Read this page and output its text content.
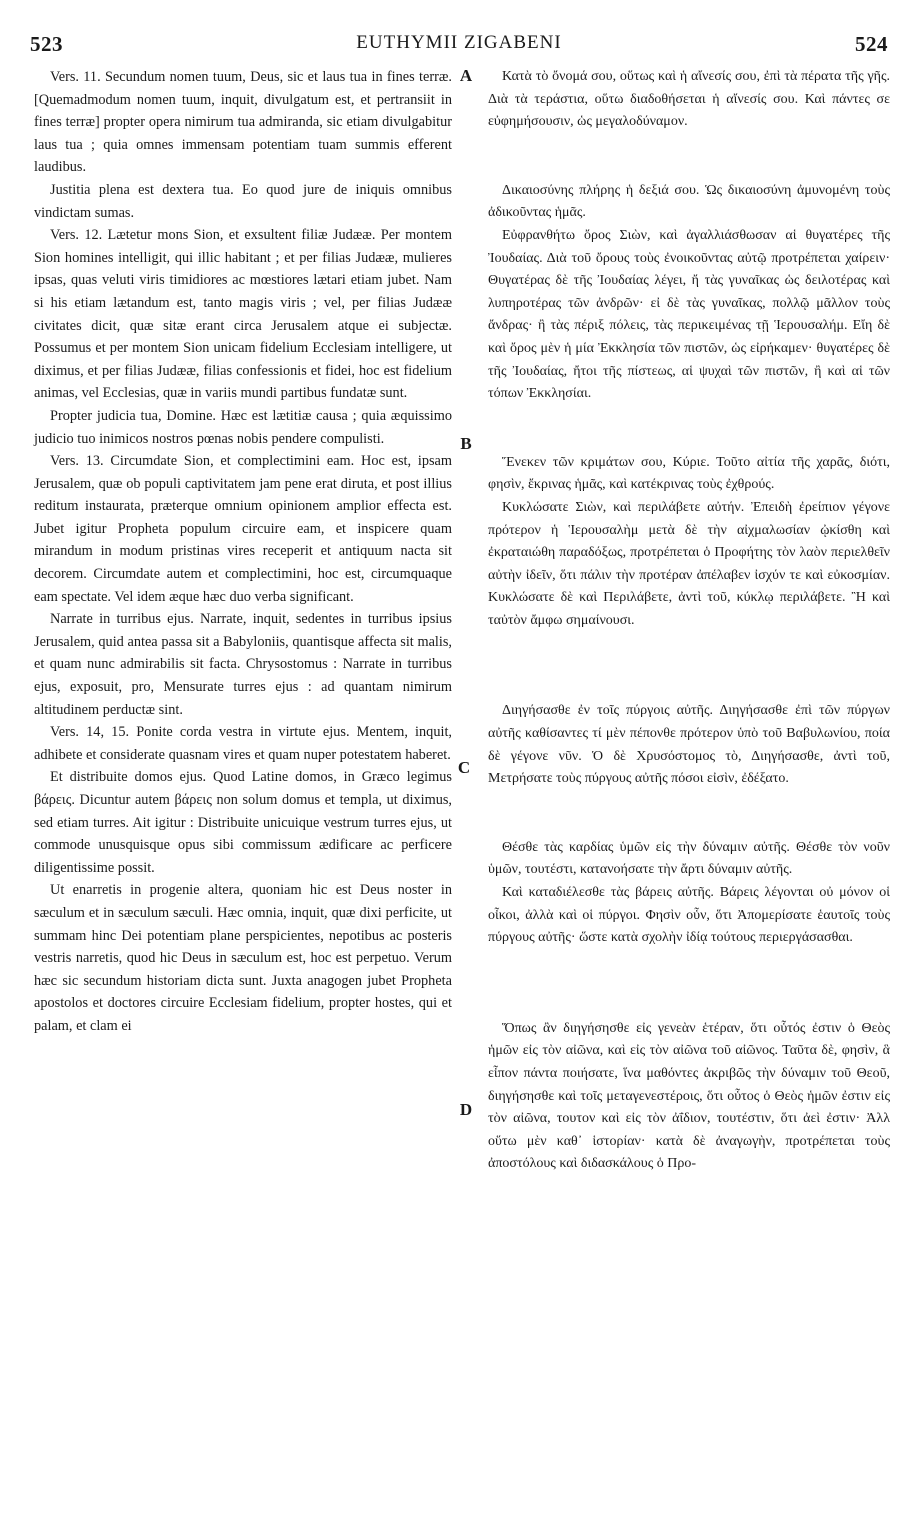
523	EUTHYMII ZIGABENI	524

Vers. 11. Secundum nomen tuum, Deus, sic et laus tua in fines terræ. [Quemadmodum nomen tuum, inquit, divulgatum est, et pertransiit in fines terræ] propter opera nimirum tua admiranda, sic etiam divulgabitur laus tua ; quia omnes immensam potentiam tuam summis efferent laudibus.

Justitia plena est dextera tua. Eo quod jure de iniquis omnibus vindictam sumas.

Vers. 12. Lætetur mons Sion, et exsultent filiæ Judææ. Per montem Sion homines intelligit, qui illic habitant ; et per filias Judææ, mulieres ipsas, quas veluti viris timidiores ac mœstiores lætari etiam jubet. Nam si his etiam lætandum est, tanto magis viris ; vel, per filias Judææ civitates dicit, quæ sitæ erant circa Jerusalem atque ei subjectæ. Possumus et per montem Sion unicam fidelium Ecclesiam intelligere, ut diximus, et per filias Judææ, filias confessionis et fidei, hoc est fidelium animas, vel Ecclesias, quæ in variis mundi partibus fundatæ sunt.

Propter judicia tua, Domine. Hæc est lætitiæ causa ; quia æquissimo judicio tuo inimicos nostros pœnas nobis pendere compulisti.

Vers. 13. Circumdate Sion, et complectimini eam. Hoc est, ipsam Jerusalem, quæ ob populi captivitatem jam pene erat diruta, et post illius reditum instaurata, præterque omnium opinionem amplior effecta est. Jubet igitur Propheta populum circuire eam, et inspicere quam mirandum in modum pristinas vires receperit et antiquum nacta sit decorem. Circumdate autem et complectimini, hoc est, circumquaque eam spectate. Vel idem æque hæc duo verba significant.

Narrate in turribus ejus. Narrate, inquit, sedentes in turribus ipsius Jerusalem, quid antea passa sit a Babyloniis, quantisque affecta sit malis, et quam nunc admirabilis sit facta. Chrysostomus : Narrate in turribus ejus, exposuit, pro, Mensurate turres ejus : ad quantam nimirum altitudinem perductæ sint.

Vers. 14, 15. Ponite corda vestra in virtute ejus. Mentem, inquit, adhibete et considerate quasnam vires et quam nuper potestatem haberet.

Et distribuite domos ejus. Quod Latine domos, in Græco legimus βάρεις. Dicuntur autem βάρεις non solum domus et templa, ut diximus, sed etiam turres. Ait igitur : Distribuite unicuique vestrum turres ejus, ut commode unusquisque opus sibi commissum ædificare ac perficere diligentissime possit.

Ut enarretis in progenie altera, quoniam hic est Deus noster in sæculum et in sæculum sæculi. Hæc omnia, inquit, quæ dixi perficite, ut summam hinc Dei potentiam plane perspicientes, nepotibus ac posteris vestris narretis, quod hic Deus in sæculum est, hoc est perpetuo. Verum hæc sic secundum historiam dicta sunt. Juxta anagogen jubet Propheta apostolos et doctores circuire Ecclesiam fidelium, propter hostes, qui et palam, et clam ei

A
B
C
D

Κατὰ τὸ ὄνομά σου, οὕτως καὶ ἡ αἴνεσίς σου, ἐπὶ τὰ πέρατα τῆς γῆς. Διὰ τὰ τεράστια, οὕτω διαδοθήσεται ἡ αἴνεσίς σου. Καὶ πάντες σε εὐφημήσουσιν, ὡς μεγαλοδύναμον.

Δικαιοσύνης πλήρης ἡ δεξιά σου. Ὡς δικαιοσύνη ἀμυνομένη τοὺς ἀδικοῦντας ἡμᾶς.

Εὐφρανθήτω ὄρος Σιὼν, καὶ ἀγαλλιάσθωσαν αἱ θυγατέρες τῆς Ἰουδαίας. Διὰ τοῦ ὄρους τοὺς ἐνοικοῦντας αὐτῷ προτρέπεται χαίρειν· Θυγατέρας δὲ τῆς Ἰουδαίας λέγει, ἤ τὰς γυναῖκας ὡς δειλοτέρας καὶ λυπηροτέρας τῶν ἀνδρῶν· εἰ δὲ τὰς γυναῖκας, πολλῷ μᾶλλον τοὺς ἄνδρας· ἢ τὰς πέριξ πόλεις, τὰς περικειμένας τῇ Ἱερουσαλήμ. Εἴη δὲ καὶ ὄρος μὲν ἡ μία Ἐκκλησία τῶν πιστῶν, ὡς εἰρήκαμεν· θυγατέρες δὲ τῆς Ἰουδαίας, ἤτοι τῆς πίστεως, αἱ ψυχαὶ τῶν πιστῶν, ἢ καὶ αἱ τῶν τόπων Ἐκκλησίαι.

Ἕνεκεν τῶν κριμάτων σου, Κύριε. Τοῦτο αἰτία τῆς χαρᾶς, διότι, φησὶν, ἔκρινας ἡμᾶς, καὶ κατέκρινας τοὺς ἐχθρούς.

Κυκλώσατε Σιὼν, καὶ περιλάβετε αὐτήν. Ἐπειδὴ ἐρείπιον γέγονε πρότερον ἡ Ἱερουσαλὴμ μετὰ δὲ τὴν αἰχμαλωσίαν ᾠκίσθη καὶ ἐκραταιώθη παραδόξως, προτρέπεται ὁ Προφήτης τὸν λαὸν περιελθεῖν αὐτὴν ἰδεῖν, ὅτι πάλιν τὴν προτέραν ἀπέλαβεν ἰσχύν τε καὶ εὐκοσμίαν. Κυκλώσατε δὲ καὶ Περιλάβετε, ἀντὶ τοῦ, κύκλῳ περιλάβετε. Ἢ καὶ ταὐτὸν ἄμφω σημαίνουσι.

Διηγήσασθε ἐν τοῖς πύργοις αὐτῆς. Διηγήσασθε ἐπὶ τῶν πύργων αὐτῆς καθίσαντες τί μὲν πέπονθε πρότερον ὑπὸ τοῦ Βαβυλωνίου, ποία δὲ γέγονε νῦν. Ὁ δὲ Χρυσόστομος τὸ, Διηγήσασθε, ἀντὶ τοῦ, Μετρήσατε τοὺς πύργους αὐτῆς πόσοι εἰσὶν, ἐδέξατο.

Θέσθε τὰς καρδίας ὑμῶν εἰς τὴν δύναμιν αὐτῆς. Θέσθε τὸν νοῦν ὑμῶν, τουτέστι, κατανοήσατε τὴν ἄρτι δύναμιν αὐτῆς.

Καὶ καταδιέλεσθε τὰς βάρεις αὐτῆς. Βάρεις λέγονται οὐ μόνον οἱ οἶκοι, ἀλλὰ καὶ οἱ πύργοι. Φησὶν οὖν, ὅτι Ἀπομερίσατε ἑαυτοῖς τοὺς πύργους αὐτῆς· ὥστε κατὰ σχολὴν ἰδίᾳ τούτους περιεργάσασθαι.

Ὅπως ἂν διηγήσησθε εἰς γενεὰν ἑτέραν, ὅτι οὗτός ἐστιν ὁ Θεὸς ἡμῶν εἰς τὸν αἰῶνα, καὶ εἰς τὸν αἰῶνα τοῦ αἰῶνος. Ταῦτα δὲ, φησὶν, ἃ εἶπον πάντα ποιήσατε, ἵνα μαθόντες ἀκριβῶς τὴν δύναμιν τοῦ Θεοῦ, διηγήσησθε καὶ τοῖς μεταγενεστέροις, ὅτι οὗτος ὁ Θεὸς ἡμῶν ἐστιν εἰς τὸν αἰῶνα, τουτον καὶ εἰς τὸν ἀΐδιον, τουτέστιν, ὅτι ἀεὶ ἐστιν· Ἀλλ οὕτω μὲν καθ᾽ ἱστορίαν· κατὰ δὲ ἀναγωγὴν, προτρέπεται τοὺς ἀποστόλους καὶ διδασκάλους ὁ Προ-
